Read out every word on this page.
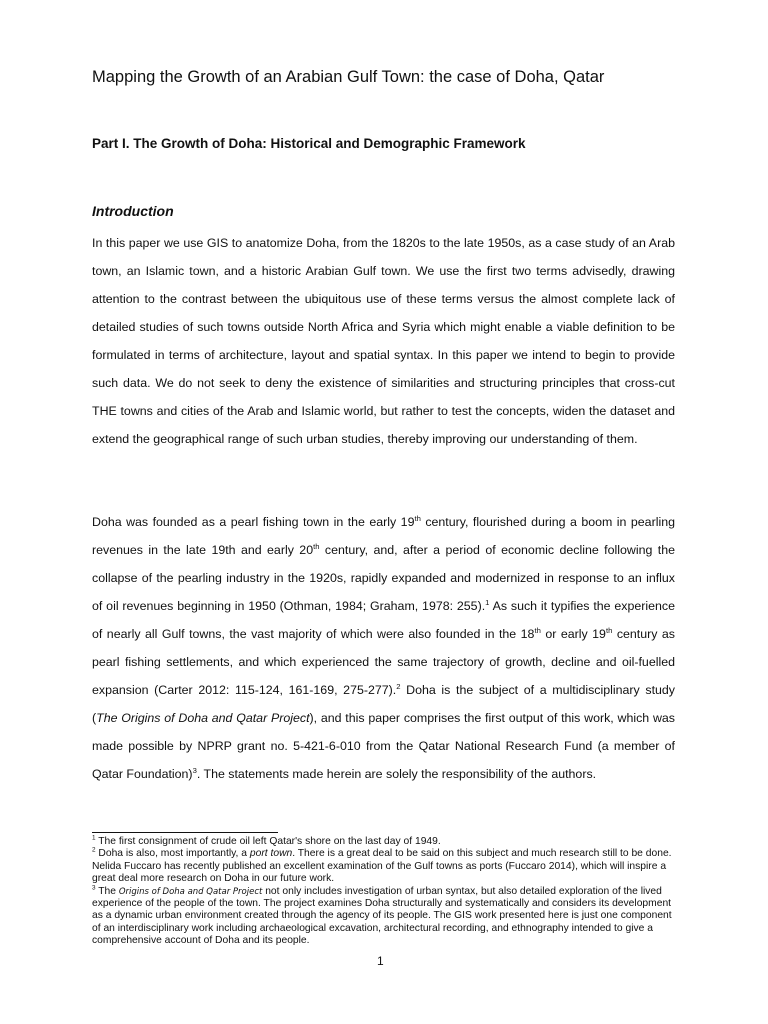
Mapping the Growth of an Arabian Gulf Town: the case of Doha, Qatar
Part I. The Growth of Doha: Historical and Demographic Framework
Introduction

In this paper we use GIS to anatomize Doha, from the 1820s to the late 1950s, as a case study of an Arab town, an Islamic town, and a historic Arabian Gulf town. We use the first two terms advisedly, drawing attention to the contrast between the ubiquitous use of these terms versus the almost complete lack of detailed studies of such towns outside North Africa and Syria which might enable a viable definition to be formulated in terms of architecture, layout and spatial syntax. In this paper we intend to begin to provide such data. We do not seek to deny the existence of similarities and structuring principles that cross-cut THE towns and cities of the Arab and Islamic world, but rather to test the concepts, widen the dataset and extend the geographical range of such urban studies, thereby improving our understanding of them.

Doha was founded as a pearl fishing town in the early 19th century, flourished during a boom in pearling revenues in the late 19th and early 20th century, and, after a period of economic decline following the collapse of the pearling industry in the 1920s, rapidly expanded and modernized in response to an influx of oil revenues beginning in 1950 (Othman, 1984; Graham, 1978: 255).$^1$ As such it typifies the experience of nearly all Gulf towns, the vast majority of which were also founded in the 18th or early 19th century as pearl fishing settlements, and which experienced the same trajectory of growth, decline and oil-fuelled expansion (Carter 2012: 115-124, 161-169, 275-277).$^2$ Doha is the subject of a multidisciplinary study (The Origins of Doha and Qatar Project), and this paper comprises the first output of this work, which was made possible by NPRP grant no. 5-421-6-010 from the Qatar National Research Fund (a member of Qatar Foundation)$^3$. The statements made herein are solely the responsibility of the authors.

$^1$ The first consignment of crude oil left Qatar's shore on the last day of 1949.

$^2$ Doha is also, most importantly, a port town. There is a great deal to be said on this subject and much research still to be done. Nelida Fuccaro has recently published an excellent examination of the Gulf towns as ports (Fuccaro 2014), which will inspire a great deal more research on Doha in our future work.

$^3$ The Origins of Doha and Qatar Project not only includes investigation of urban syntax, but also detailed exploration of the lived experience of the people of the town. The project examines Doha structurally and systematically and considers its development as a dynamic urban environment created through the agency of its people. The GIS work presented here is just one component of an interdisciplinary work including archaeological excavation, architectural recording, and ethnography intended to give a comprehensive account of Doha and its people.

1
